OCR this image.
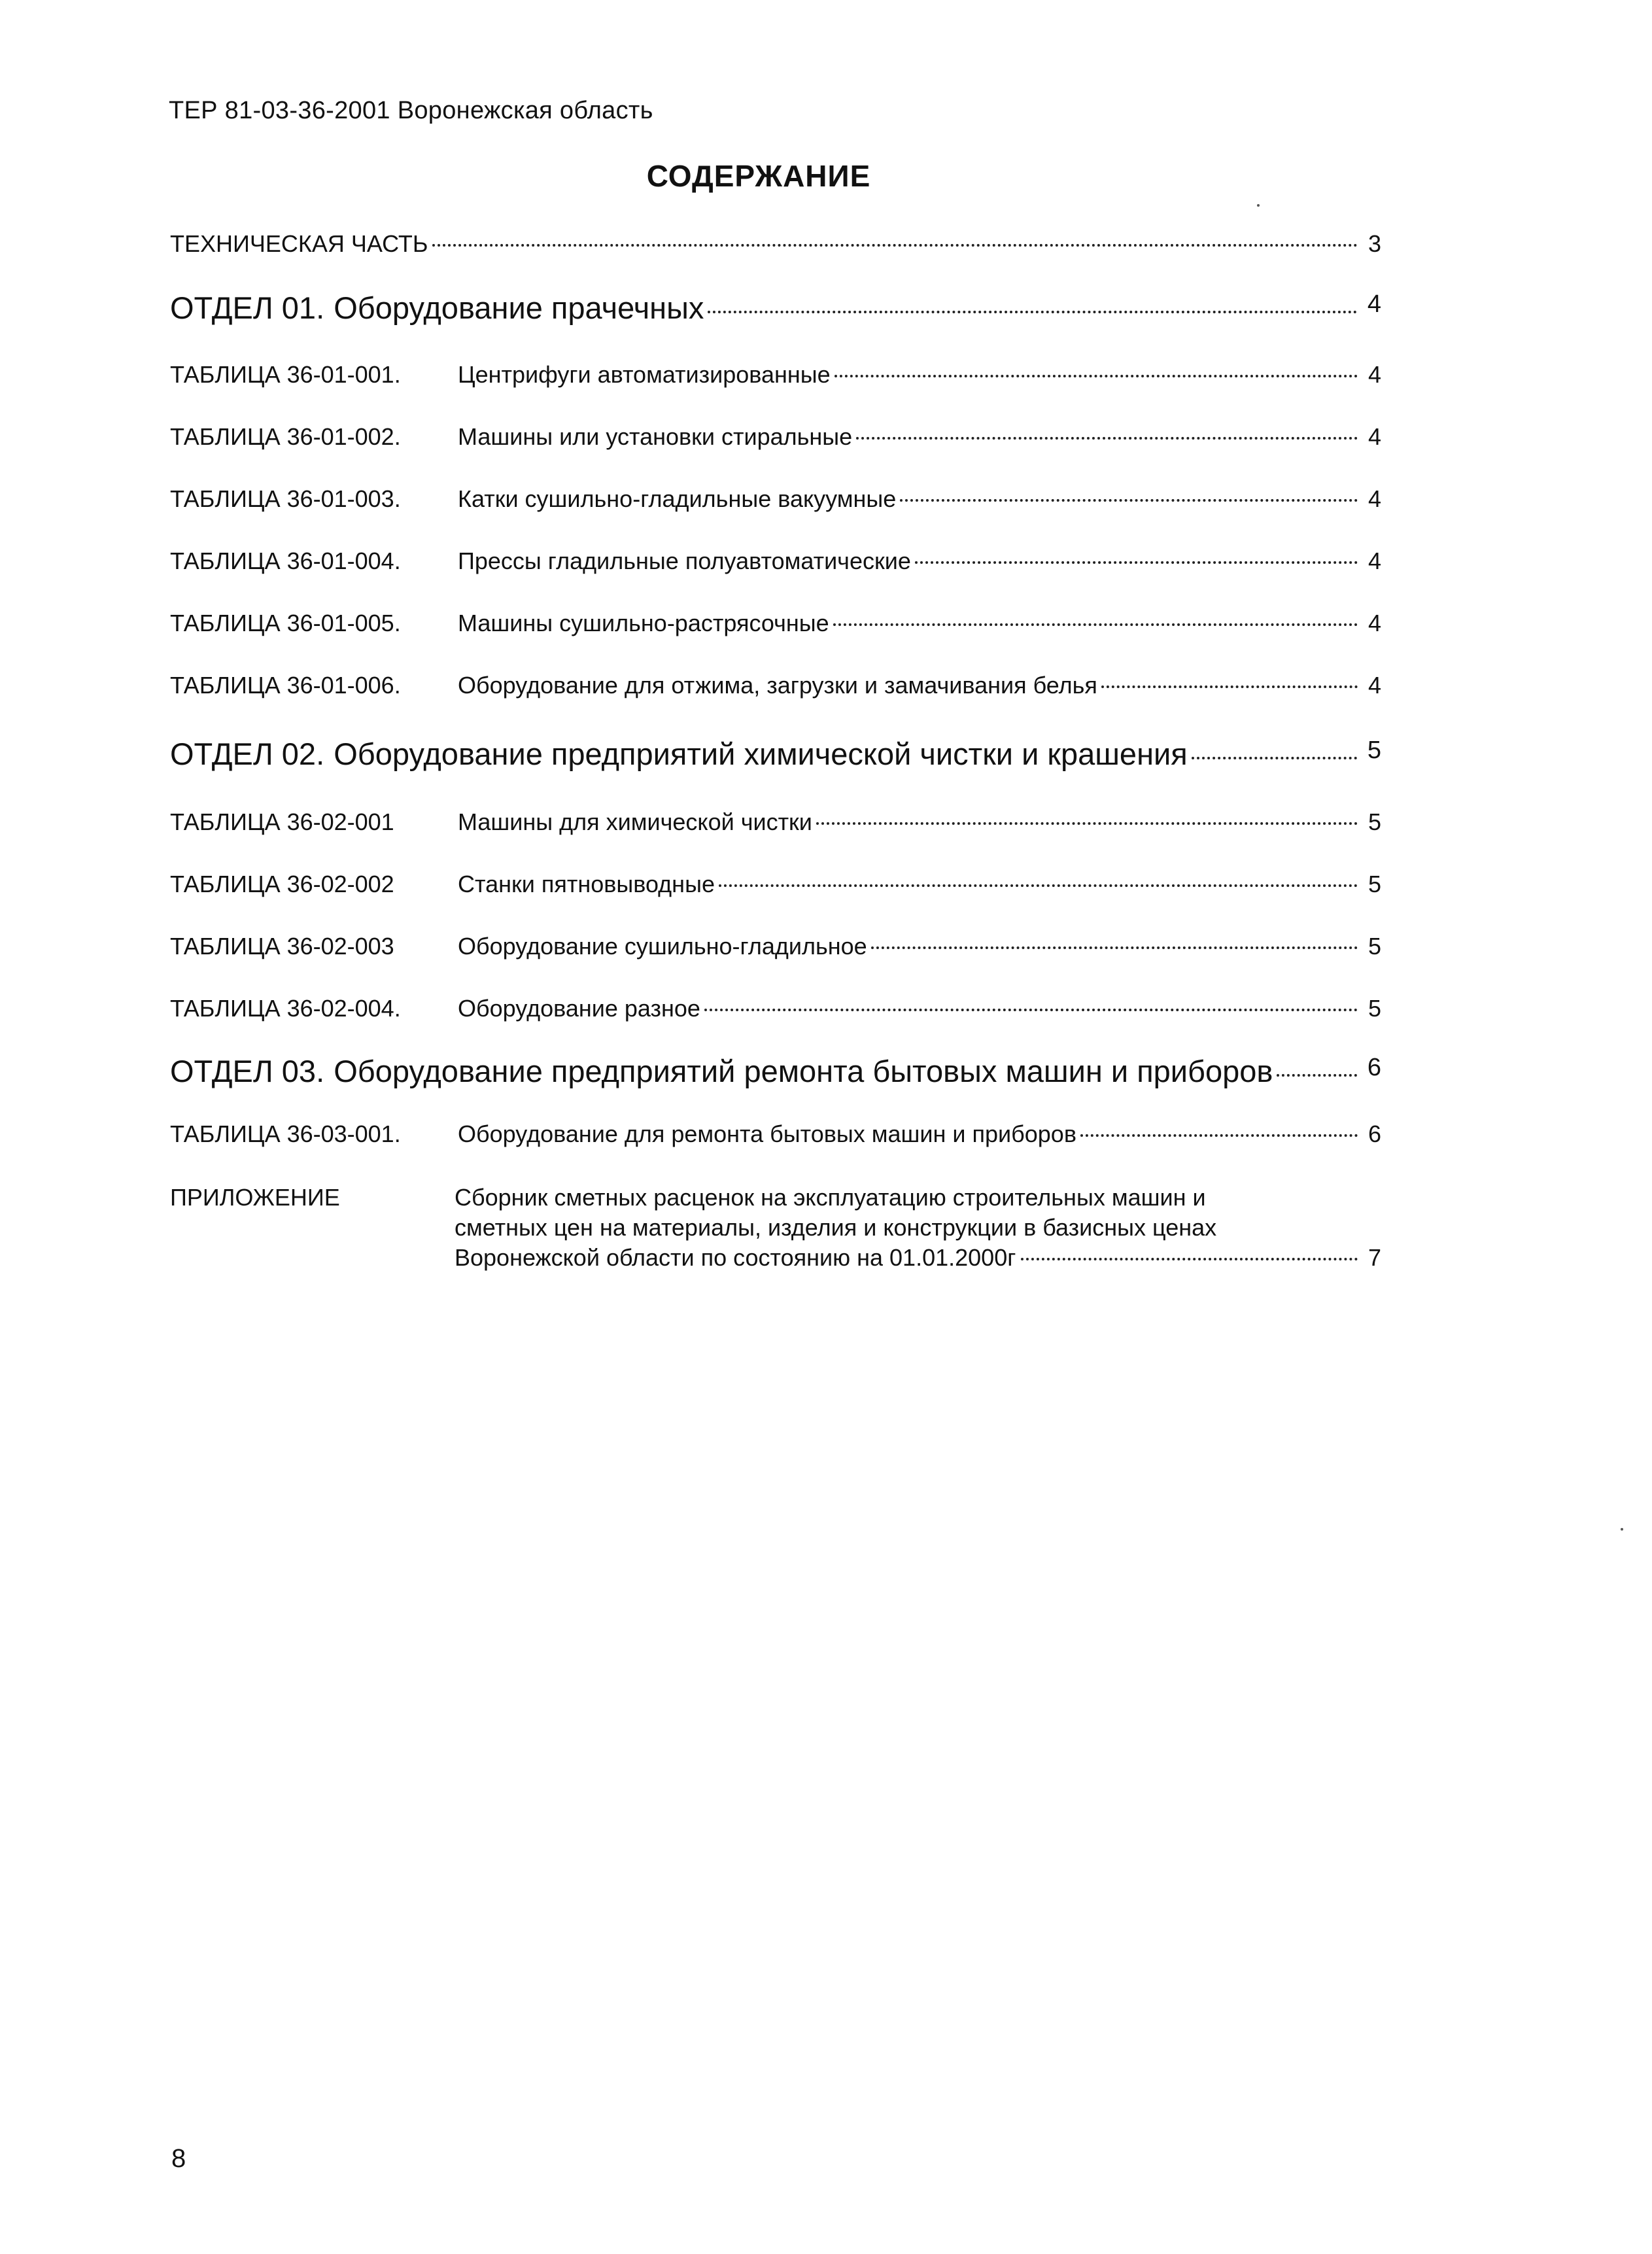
ТЕР 81-03-36-2001 Воронежская область
СОДЕРЖАНИЕ
ТЕХНИЧЕСКАЯ ЧАСТЬ	3
ОТДЕЛ 01. Оборудование прачечных	4
ТАБЛИЦА 36-01-001.	Центрифуги автоматизированные	4
ТАБЛИЦА 36-01-002.	Машины или установки стиральные	4
ТАБЛИЦА 36-01-003.	Катки сушильно-гладильные вакуумные	4
ТАБЛИЦА 36-01-004.	Прессы гладильные полуавтоматические	4
ТАБЛИЦА 36-01-005.	Машины сушильно-растрясочные	4
ТАБЛИЦА 36-01-006.	Оборудование для отжима, загрузки и замачивания белья	4
ОТДЕЛ 02. Оборудование предприятий химической чистки и крашения	5
ТАБЛИЦА 36-02-001	Машины для химической чистки	5
ТАБЛИЦА 36-02-002	Станки пятновыводные	5
ТАБЛИЦА 36-02-003	Оборудование сушильно-гладильное	5
ТАБЛИЦА 36-02-004.	Оборудование разное	5
ОТДЕЛ 03. Оборудование предприятий ремонта бытовых машин и приборов	6
ТАБЛИЦА 36-03-001.	Оборудование для ремонта бытовых машин и приборов	6
ПРИЛОЖЕНИЕ	Сборник сметных расценок на эксплуатацию строительных машин и
сметных цен на материалы, изделия и конструкции в базисных ценах
Воронежской области по состоянию на 01.01.2000г	7
8
